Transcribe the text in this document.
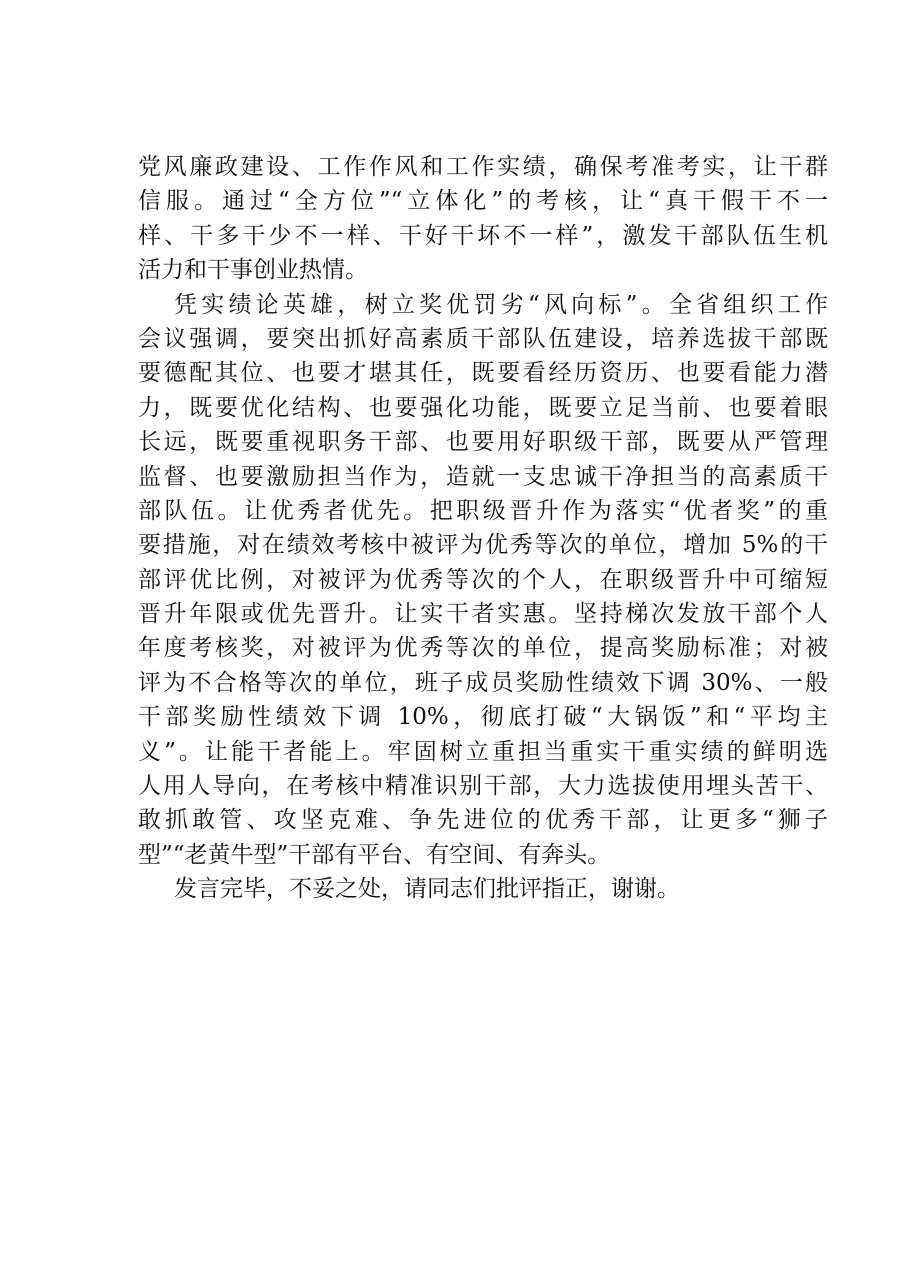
党风廉政建设、工作作风和工作实绩，确保考准考实，让干群
信服。通过“全方位”“立体化”的考核，让“真干假干不一
样、干多干少不一样、干好干坏不一样”，激发干部队伍生机
活力和干事创业热情。
凭实绩论英雄，树立奖优罚劣“风向标”。全省组织工作
会议强调，要突出抓好高素质干部队伍建设，培养选拔干部既
要德配其位、也要才堪其任，既要看经历资历、也要看能力潜
力，既要优化结构、也要强化功能，既要立足当前、也要着眼
长远，既要重视职务干部、也要用好职级干部，既要从严管理
监督、也要激励担当作为，造就一支忠诚干净担当的高素质干
部队伍。让优秀者优先。把职级晋升作为落实“优者奖”的重
要措施，对在绩效考核中被评为优秀等次的单位，增加 5%的干
部评优比例，对被评为优秀等次的个人，在职级晋升中可缩短
晋升年限或优先晋升。让实干者实惠。坚持梯次发放干部个人
年度考核奖，对被评为优秀等次的单位，提高奖励标准；对被
评为不合格等次的单位，班子成员奖励性绩效下调 30%、一般
干部奖励性绩效下调 10%，彻底打破“大锅饭”和“平均主
义”。让能干者能上。牢固树立重担当重实干重实绩的鲜明选
人用人导向，在考核中精准识别干部，大力选拔使用埋头苦干、
敢抓敢管、攻坚克难、争先进位的优秀干部，让更多“狮子
型”“老黄牛型”干部有平台、有空间、有奔头。
发言完毕，不妥之处，请同志们批评指正，谢谢。
